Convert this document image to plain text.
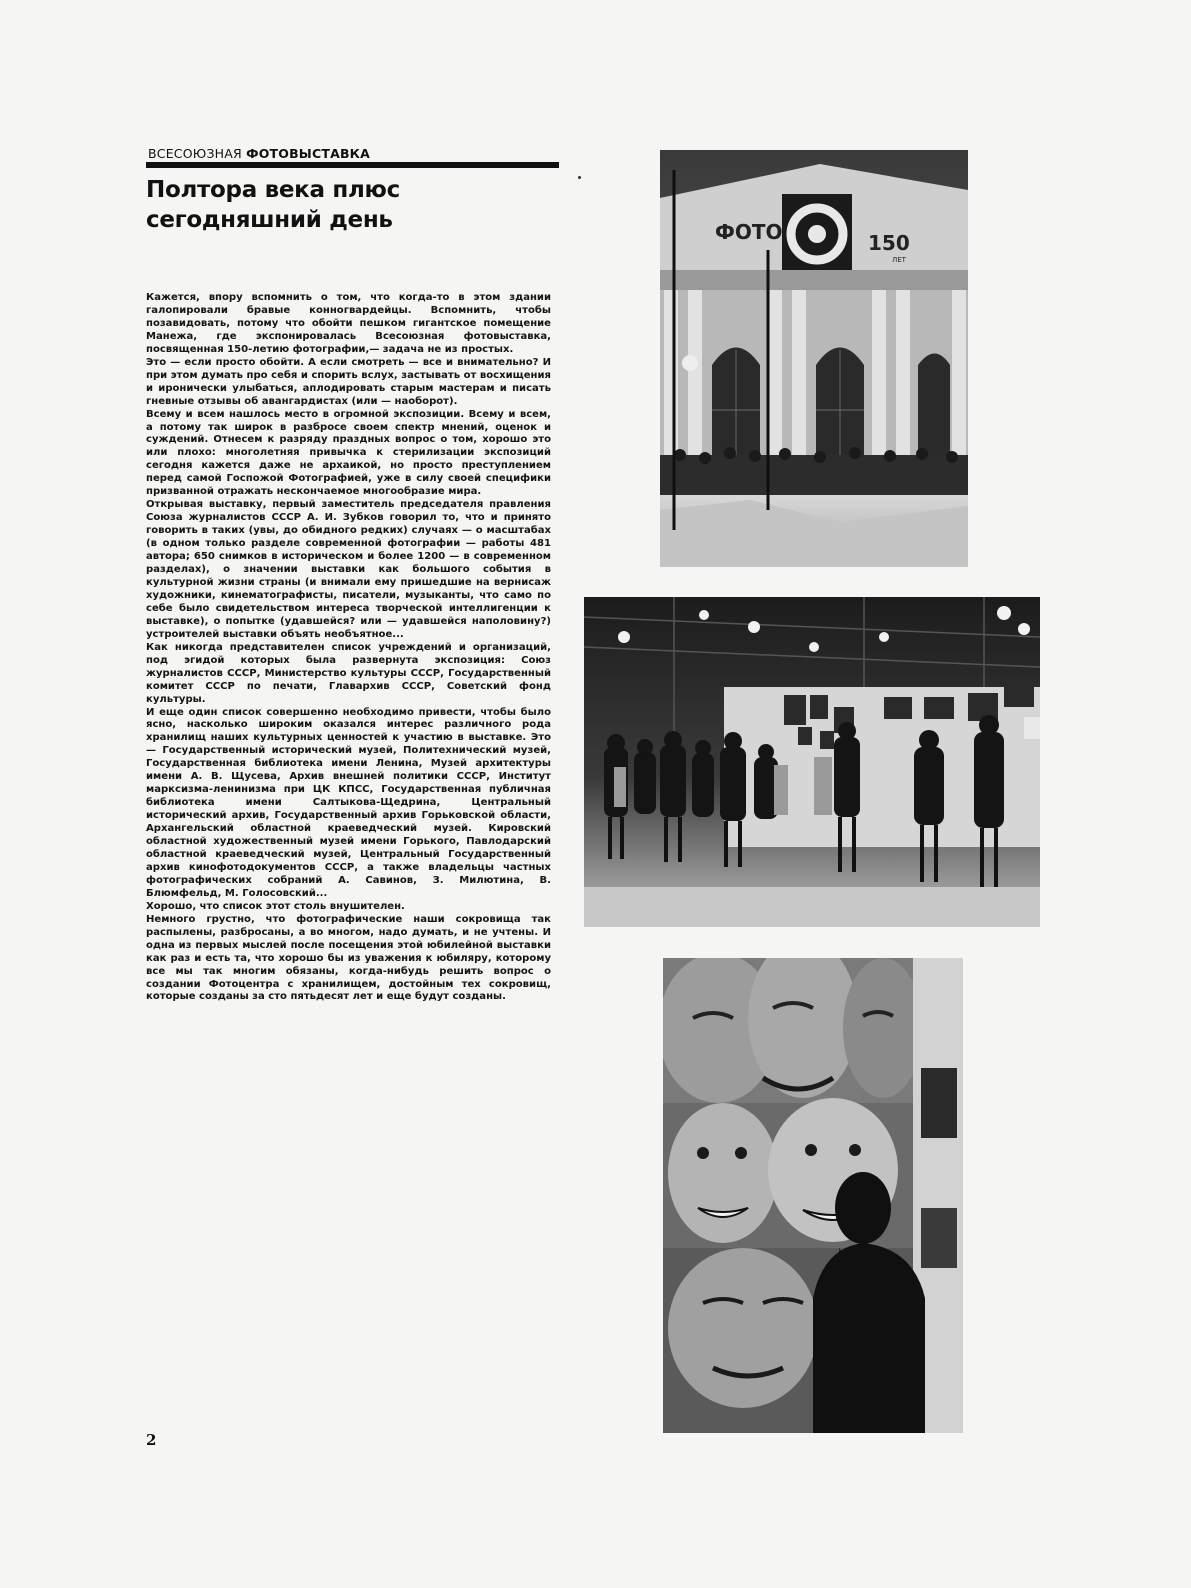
ВСЕСОЮЗНАЯ ФОТОВЫСТАВКА
Полтора века плюс
сегодняшний день

Кажется, впору вспомнить о том, что когда-то в этом здании галопировали бравые конногвардейцы. Вспомнить, чтобы позавидовать, потому что обойти пешком гигантское помещение Манежа, где экспонировалась Всесоюзная фотовыставка, посвященная 150-летию фотографии,— задача не из простых.

Это — если просто обойти. А если смотреть — все и внимательно? И при этом думать про себя и спорить вслух, застывать от восхищения и иронически улыбаться, аплодировать старым мастерам и писать гневные отзывы об авангардистах (или — наоборот).

Всему и всем нашлось место в огромной экспозиции. Всему и всем, а потому так широк в разбросе своем спектр мнений, оценок и суждений. Отнесем к разряду праздных вопрос о том, хорошо это или плохо: многолетняя привычка к стерилизации экспозиций сегодня кажется даже не архаикой, но просто преступлением перед самой Госпожой Фотографией, уже в силу своей специфики призванной отражать нескончаемое многообразие мира.

Открывая выставку, первый заместитель председателя правления Союза журналистов СССР А. И. Зубков говорил то, что и принято говорить в таких (увы, до обидного редких) случаях — о масштабах (в одном только разделе современной фотографии — работы 481 автора; 650 снимков в историческом и более 1200 — в современном разделах), о значении выставки как большого события в культурной жизни страны (и внимали ему пришедшие на вернисаж художники, кинематографисты, писатели, музыканты, что само по себе было свидетельством интереса творческой интеллигенции к выставке), о попытке (удавшейся? или — удавшейся наполовину?) устроителей выставки объять необъятное...

Как никогда представителен список учреждений и организаций, под эгидой которых была развернута экспозиция: Союз журналистов СССР, Министерство культуры СССР, Государственный комитет СССР по печати, Главархив СССР, Советский фонд культуры.

И еще один список совершенно необходимо привести, чтобы было ясно, насколько широким оказался интерес различного рода хранилищ наших культурных ценностей к участию в выставке. Это — Государственный исторический музей, Политехнический музей, Государственная библиотека имени Ленина, Музей архитектуры имени А. В. Щусева, Архив внешней политики СССР, Институт марксизма-ленинизма при ЦК КПСС, Государственная публичная библиотека имени Салтыкова-Щедрина, Центральный исторический архив, Государственный архив Горьковской области, Архангельский областной краеведческий музей. Кировский областной художественный музей имени Горького, Павлодарский областной краеведческий музей, Центральный Государственный архив кинофотодокументов СССР, а также владельцы частных фотографических собраний А. Савинов, З. Милютина, В. Блюмфельд, М. Голосовский...

Хорошо, что список этот столь внушителен.

Немного грустно, что фотографические наши сокровища так распылены, разбросаны, а во многом, надо думать, и не учтены. И одна из первых мыслей после посещения этой юбилейной выставки как раз и есть та, что хорошо бы из уважения к юбиляру, которому все мы так многим обязаны, когда-нибудь решить вопрос о создании Фотоцентра с хранилищем, достойным тех сокровищ, которые созданы за сто пятьдесят лет и еще будут созданы.

ФОТО	150
ЛЕТ
2
